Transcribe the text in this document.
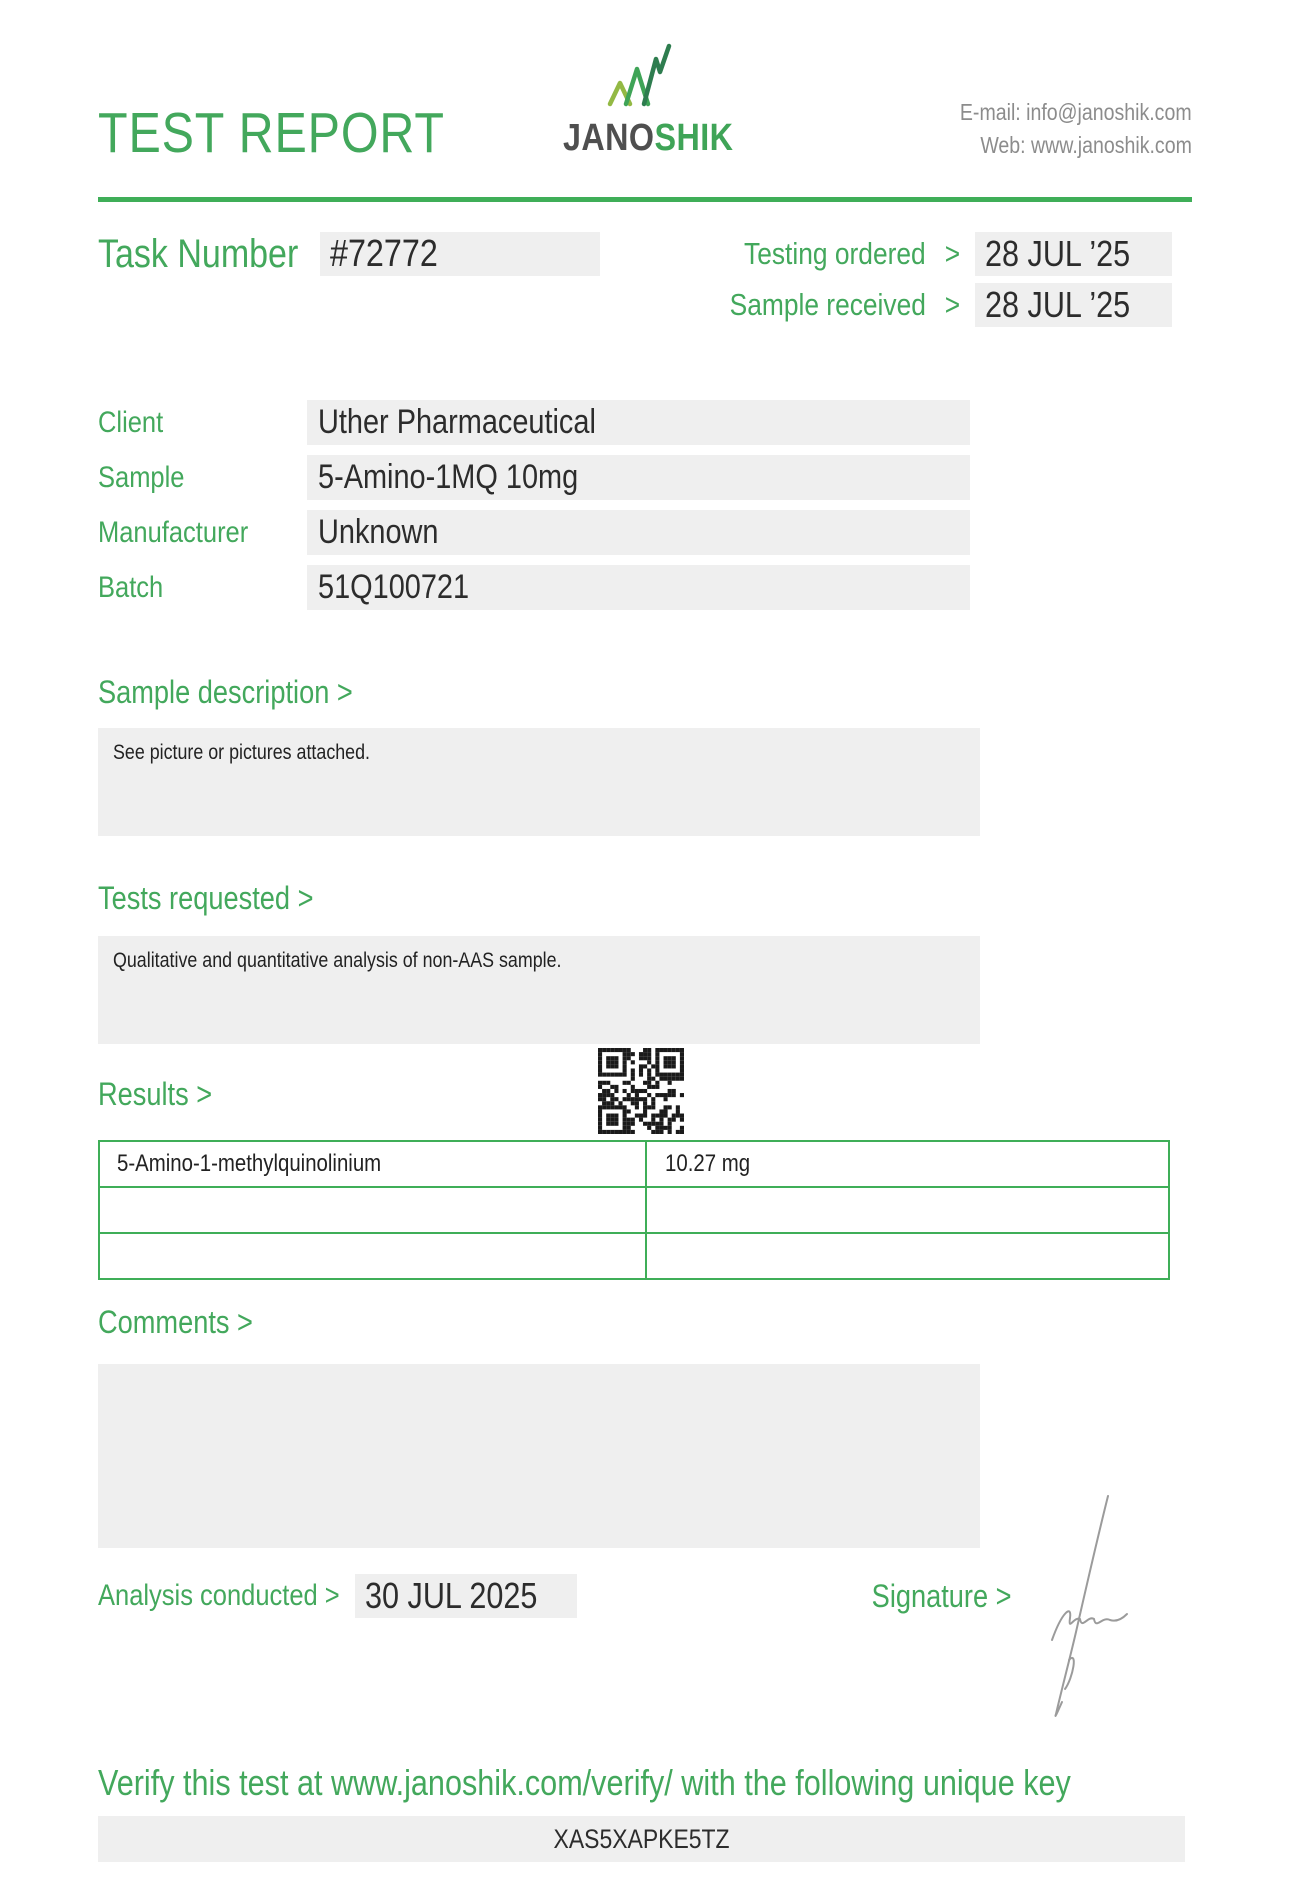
TEST REPORT	JANOSHIK
E-mail: info@janoshik.com
Web: www.janoshik.com
Task Number #72772	Testing ordered > 28 JUL ’25
Sample received > 28 JUL ’25
Client	Uther Pharmaceutical
Sample	5-Amino-1MQ 10mg
Manufacturer Unknown
Batch	51Q100721
Sample description >
See picture or pictures attached.
Tests requested >
Qualitative and quantitative analysis of non-AAS sample.
Results >
5-Amino-1-methylquinolinium	10.27 mg
Comments >
Analysis conducted > 30 JUL 2025	Signature >
Verify this test at www.janoshik.com/verify/ with the following unique key
XAS5XAPKE5TZ
